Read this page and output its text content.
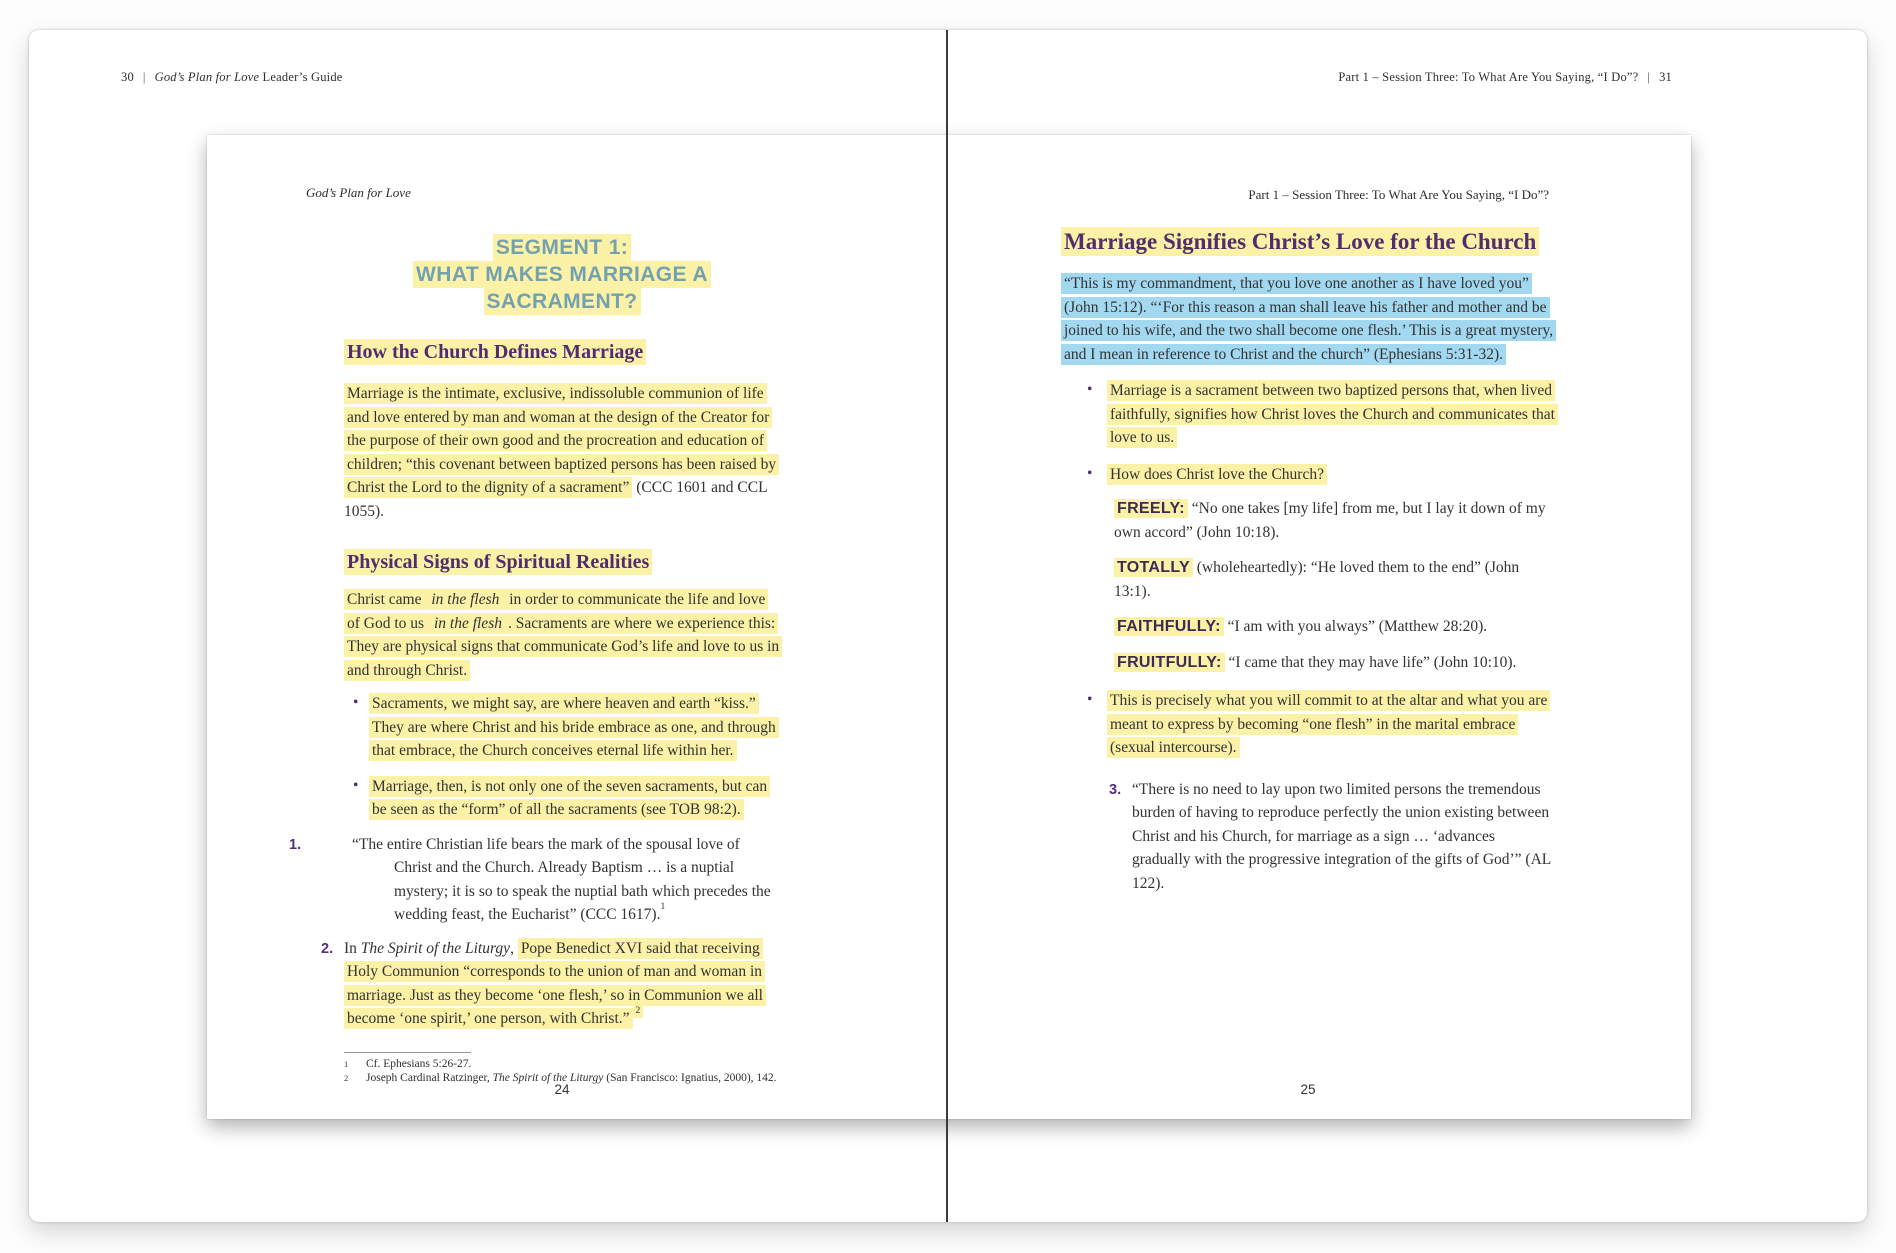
30 | God’s Plan for Love Leader’s Guide	Part 1 – Session Three: To What Are You Saying, “I Do”? | 31
God’s Plan for Love
SEGMENT 1:
WHAT MAKES MARRIAGE A SACRAMENT?
How the Church Defines Marriage
Marriage is the intimate, exclusive, indissoluble communion of life and love entered by man and woman at the design of the Creator for the purpose of their own good and the procreation and education of children; “this covenant between baptized persons has been raised by Christ the Lord to the dignity of a sacrament” (CCC 1601 and CCL 1055).
Physical Signs of Spiritual Realities
Christ came in the flesh in order to communicate the life and love of God to us in the flesh . Sacraments are where we experience this: They are physical signs that communicate God’s life and love to us in and through Christ.
• Sacraments, we might say, are where heaven and earth “kiss.” They are where Christ and his bride embrace as one, and through that embrace, the Church conceives eternal life within her.
• Marriage, then, is not only one of the seven sacraments, but can be seen as the “form” of all the sacraments (see TOB 98:2).
1.	“The entire Christian life bears the mark of the spousal love of Christ and the Church. Already Baptism … is a nuptial mystery; it is so to speak the nuptial bath which precedes the wedding feast, the Eucharist” (CCC 1617).$^1$
2. In The Spirit of the Liturgy, Pope Benedict XVI said that receiving Holy Communion “corresponds to the union of man and woman in marriage. Just as they become ‘one flesh,’ so in Communion we all become ‘one spirit,’ one person, with Christ.” $^2$
1 Cf. Ephesians 5:26-27.
2 Joseph Cardinal Ratzinger, The Spirit of the Liturgy (San Francisco: Ignatius, 2000), 142.
24
Part 1 – Session Three: To What Are You Saying, “I Do”?
Marriage Signifies Christ’s Love for the Church
“This is my commandment, that you love one another as I have loved you” (John 15:12). “‘For this reason a man shall leave his father and mother and be joined to his wife, and the two shall become one flesh.’ This is a great mystery, and I mean in reference to Christ and the church” (Ephesians 5:31-32).
• Marriage is a sacrament between two baptized persons that, when lived faithfully, signifies how Christ loves the Church and communicates that love to us.
• How does Christ love the Church?
FREELY: “No one takes [my life] from me, but I lay it down of my own accord” (John 10:18).
TOTALLY (wholeheartedly): “He loved them to the end” (John 13:1).
FAITHFULLY: “I am with you always” (Matthew 28:20).
FRUITFULLY: “I came that they may have life” (John 10:10).
• This is precisely what you will commit to at the altar and what you are meant to express by becoming “one flesh” in the marital embrace (sexual intercourse).
3. “There is no need to lay upon two limited persons the tremendous burden of having to reproduce perfectly the union existing between Christ and his Church, for marriage as a sign … ‘advances gradually with the progressive integration of the gifts of God’” (AL 122).
25
